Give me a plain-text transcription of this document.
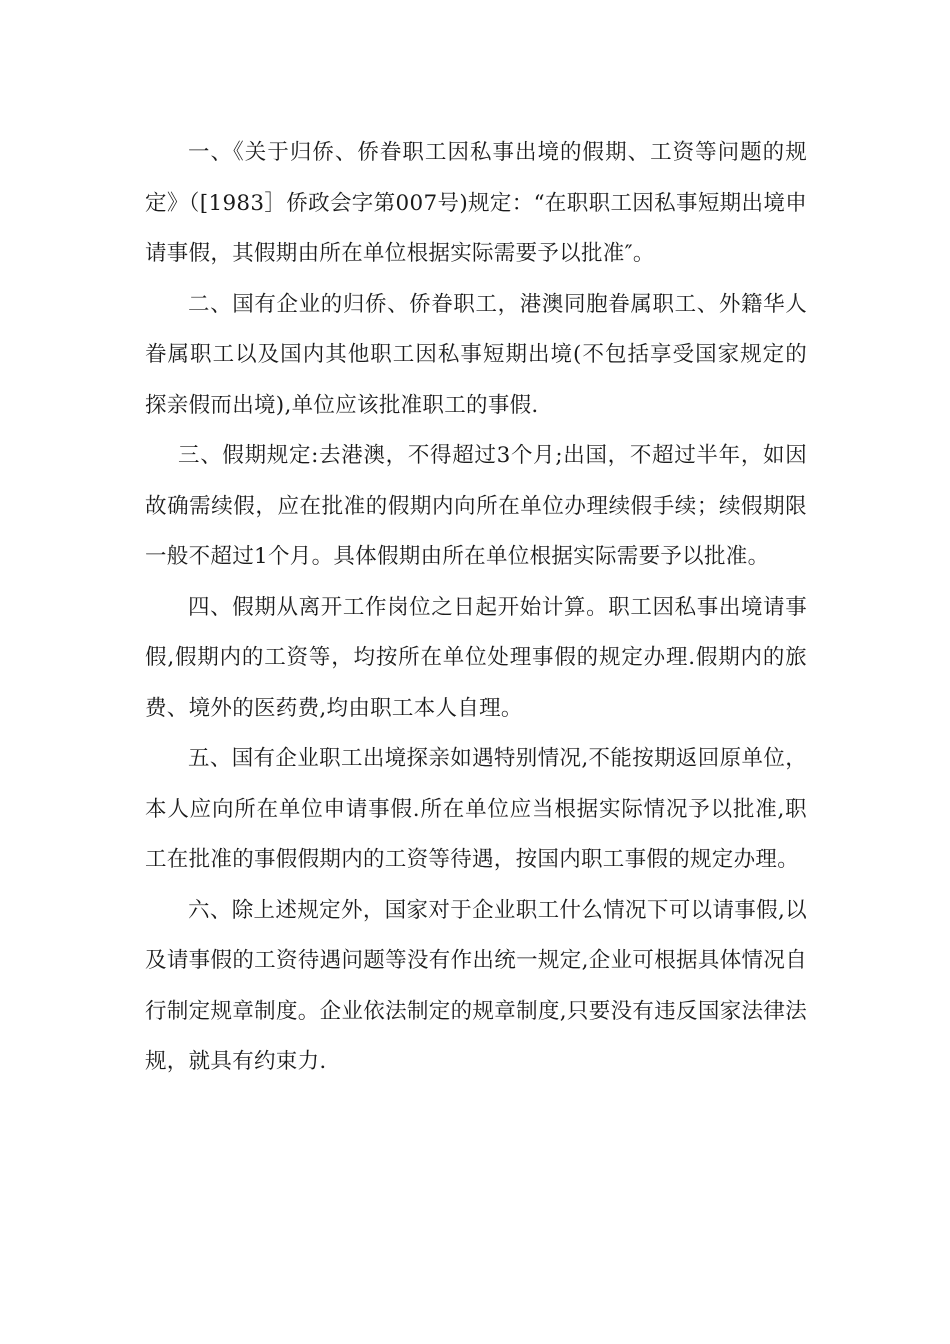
一、《关于归侨、侨眷职工因私事出境的假期、工资等问题的规定》（[1983］侨政会字第007号)规定：“在职职工因私事短期出境申请事假，其假期由所在单位根据实际需要予以批准″。

二、国有企业的归侨、侨眷职工，港澳同胞眷属职工、外籍华人眷属职工以及国内其他职工因私事短期出境(不包括享受国家规定的探亲假而出境),单位应该批准职工的事假.

三、假期规定:去港澳，不得超过3个月;出国，不超过半年，如因故确需续假，应在批准的假期内向所在单位办理续假手续；续假期限一般不超过1个月。具体假期由所在单位根据实际需要予以批准。

四、假期从离开工作岗位之日起开始计算。职工因私事出境请事假,假期内的工资等，均按所在单位处理事假的规定办理.假期内的旅费、境外的医药费,均由职工本人自理。

五、国有企业职工出境探亲如遇特别情况,不能按期返回原单位，本人应向所在单位申请事假.所在单位应当根据实际情况予以批准,职工在批准的事假假期内的工资等待遇，按国内职工事假的规定办理。

六、除上述规定外，国家对于企业职工什么情况下可以请事假,以及请事假的工资待遇问题等没有作出统一规定,企业可根据具体情况自行制定规章制度。企业依法制定的规章制度,只要没有违反国家法律法规，就具有约束力.
